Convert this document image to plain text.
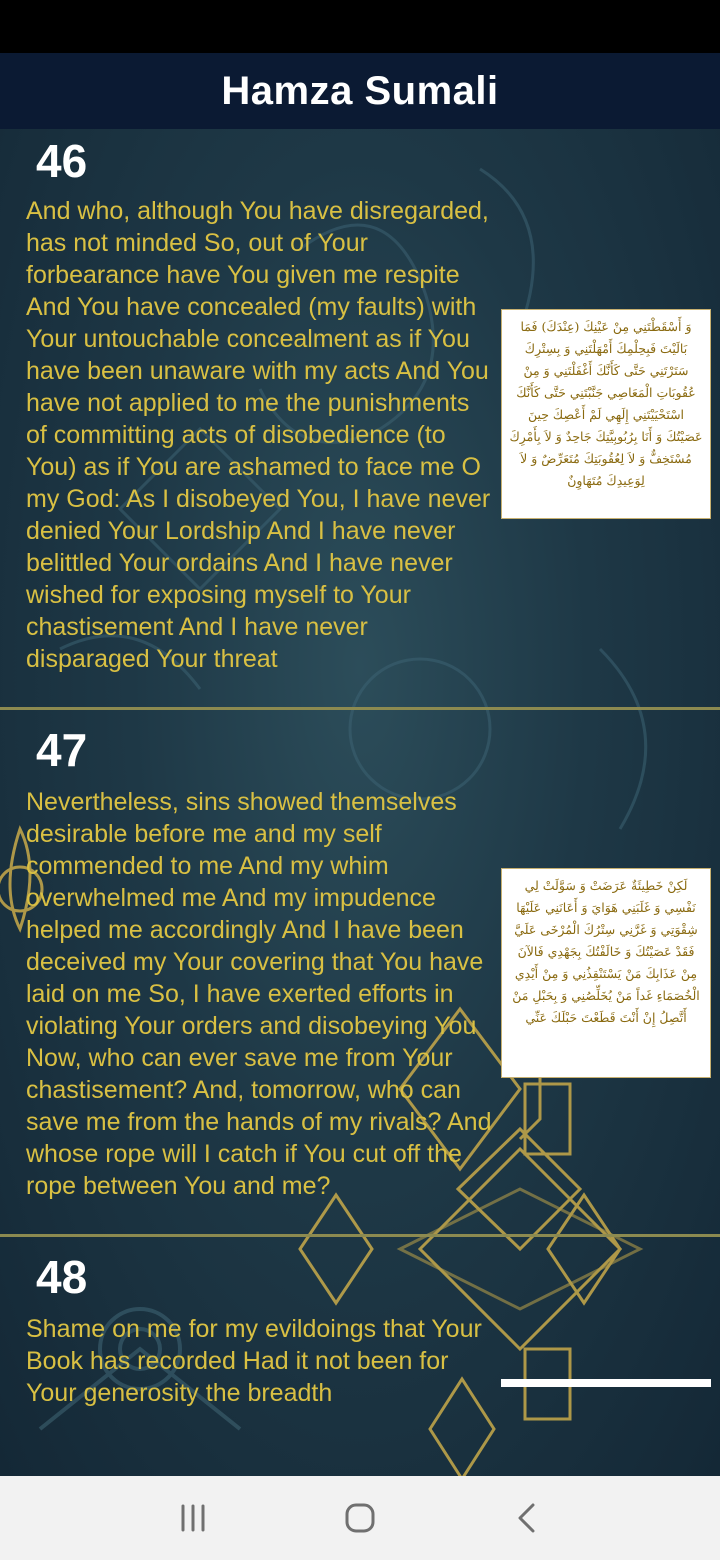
Hamza Sumali
46
And who, although You have disregarded, has not minded So, out of Your forbearance have You given me respite And You have concealed (my faults) with Your untouchable concealment as if You have been unaware with my acts And You have not applied to me the punishments of committing acts of disobedience (to You) as if You are ashamed to face me O my God: As I disobeyed You, I have never denied Your Lordship And I have never belittled Your ordains And I have never wished for exposing myself to Your chastisement And I have never disparaged Your threat
وَ أَسْقَطْتَنِي مِنْ عَيْنِكَ (عِنْدَكَ) فَمَا بَالَيْتَ فَبِحِلْمِكَ أَمْهَلْتَنِي وَ بِسِتْرِكَ سَتَرْتَنِي حَتَّى كَأَنَّكَ أَغْفَلْتَنِي وَ مِنْ عُقُوبَاتِ الْمَعَاصِي جَنَّبْتَنِي حَتَّى كَأَنَّكَ اسْتَحْيَيْتَنِي إِلَهِي لَمْ أَعْصِكَ حِينَ عَصَيْتُكَ وَ أَنَا بِرُبُوبِيَّتِكَ جَاحِدٌ وَ لاَ بِأَمْرِكَ مُسْتَخِفٌّ وَ لاَ لِعُقُوبَتِكَ مُتَعَرِّضٌ وَ لاَ لِوَعِيدِكَ مُتَهَاوِنٌ
47
Nevertheless, sins showed themselves desirable before me and my self commended to me And my whim overwhelmed me And my impudence helped me accordingly And I have been deceived my Your covering that You have laid on me So, I have exerted efforts in violating Your orders and disobeying You Now, who can ever save me from Your chastisement? And, tomorrow, who can save me from the hands of my rivals? And whose rope will I catch if You cut off the rope between You and me?
لَكِنْ خَطِيئَةٌ عَرَضَتْ وَ سَوَّلَتْ لِي نَفْسِي وَ غَلَبَنِي هَوَايَ وَ أَعَانَنِي عَلَيْهَا شِقْوَتِي وَ غَرَّنِي سِتْرُكَ الْمُرْخَى عَلَيَّ فَقَدْ عَصَيْتُكَ وَ خَالَفْتُكَ بِجَهْدِي فَالآنَ مِنْ عَذَابِكَ مَنْ يَسْتَنْقِذُنِي وَ مِنْ أَيْدِي الْخُصَمَاءِ غَداً مَنْ يُخَلِّصُنِي وَ بِحَبْلِ مَنْ أَتَّصِلُ إِنْ أَنْتَ قَطَعْتَ حَبْلَكَ عَنِّي
48
Shame on me for my evildoings that Your Book has recorded Had it not been for Your generosity the breadth
